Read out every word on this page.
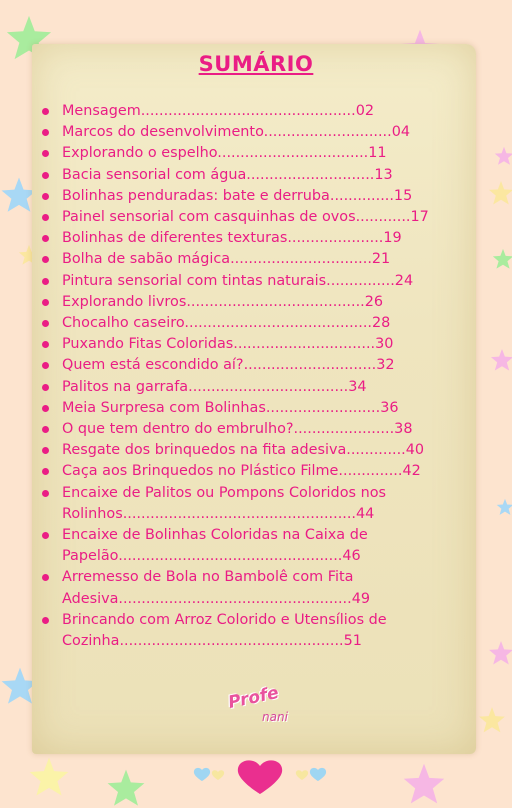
SUMÁRIO
Mensagem...............................................02
Marcos do desenvolvimento............................04
Explorando o espelho.................................11
Bacia sensorial com água............................13
Bolinhas penduradas: bate e derruba..............15
Painel sensorial com casquinhas de ovos............17
Bolinhas de diferentes texturas.....................19
Bolha de sabão mágica...............................21
Pintura sensorial com tintas naturais...............24
Explorando livros.......................................26
Chocalho caseiro.........................................28
Puxando Fitas Coloridas...............................30
Quem está escondido aí?.............................32
Palitos na garrafa...................................34
Meia Surpresa com Bolinhas.........................36
O que tem dentro do embrulho?......................38
Resgate dos brinquedos na fita adesiva.............40
Caça aos Brinquedos no Plástico Filme..............42
Encaixe de Palitos ou Pompons Coloridos nos
Rolinhos...................................................44
Encaixe de Bolinhas Coloridas na Caixa de
Papelão.................................................46
Arremesso de Bola no Bambolê com Fita
Adesiva...................................................49
Brincando com Arroz Colorido e Utensílios de
Cozinha.................................................51
Profe
nani
